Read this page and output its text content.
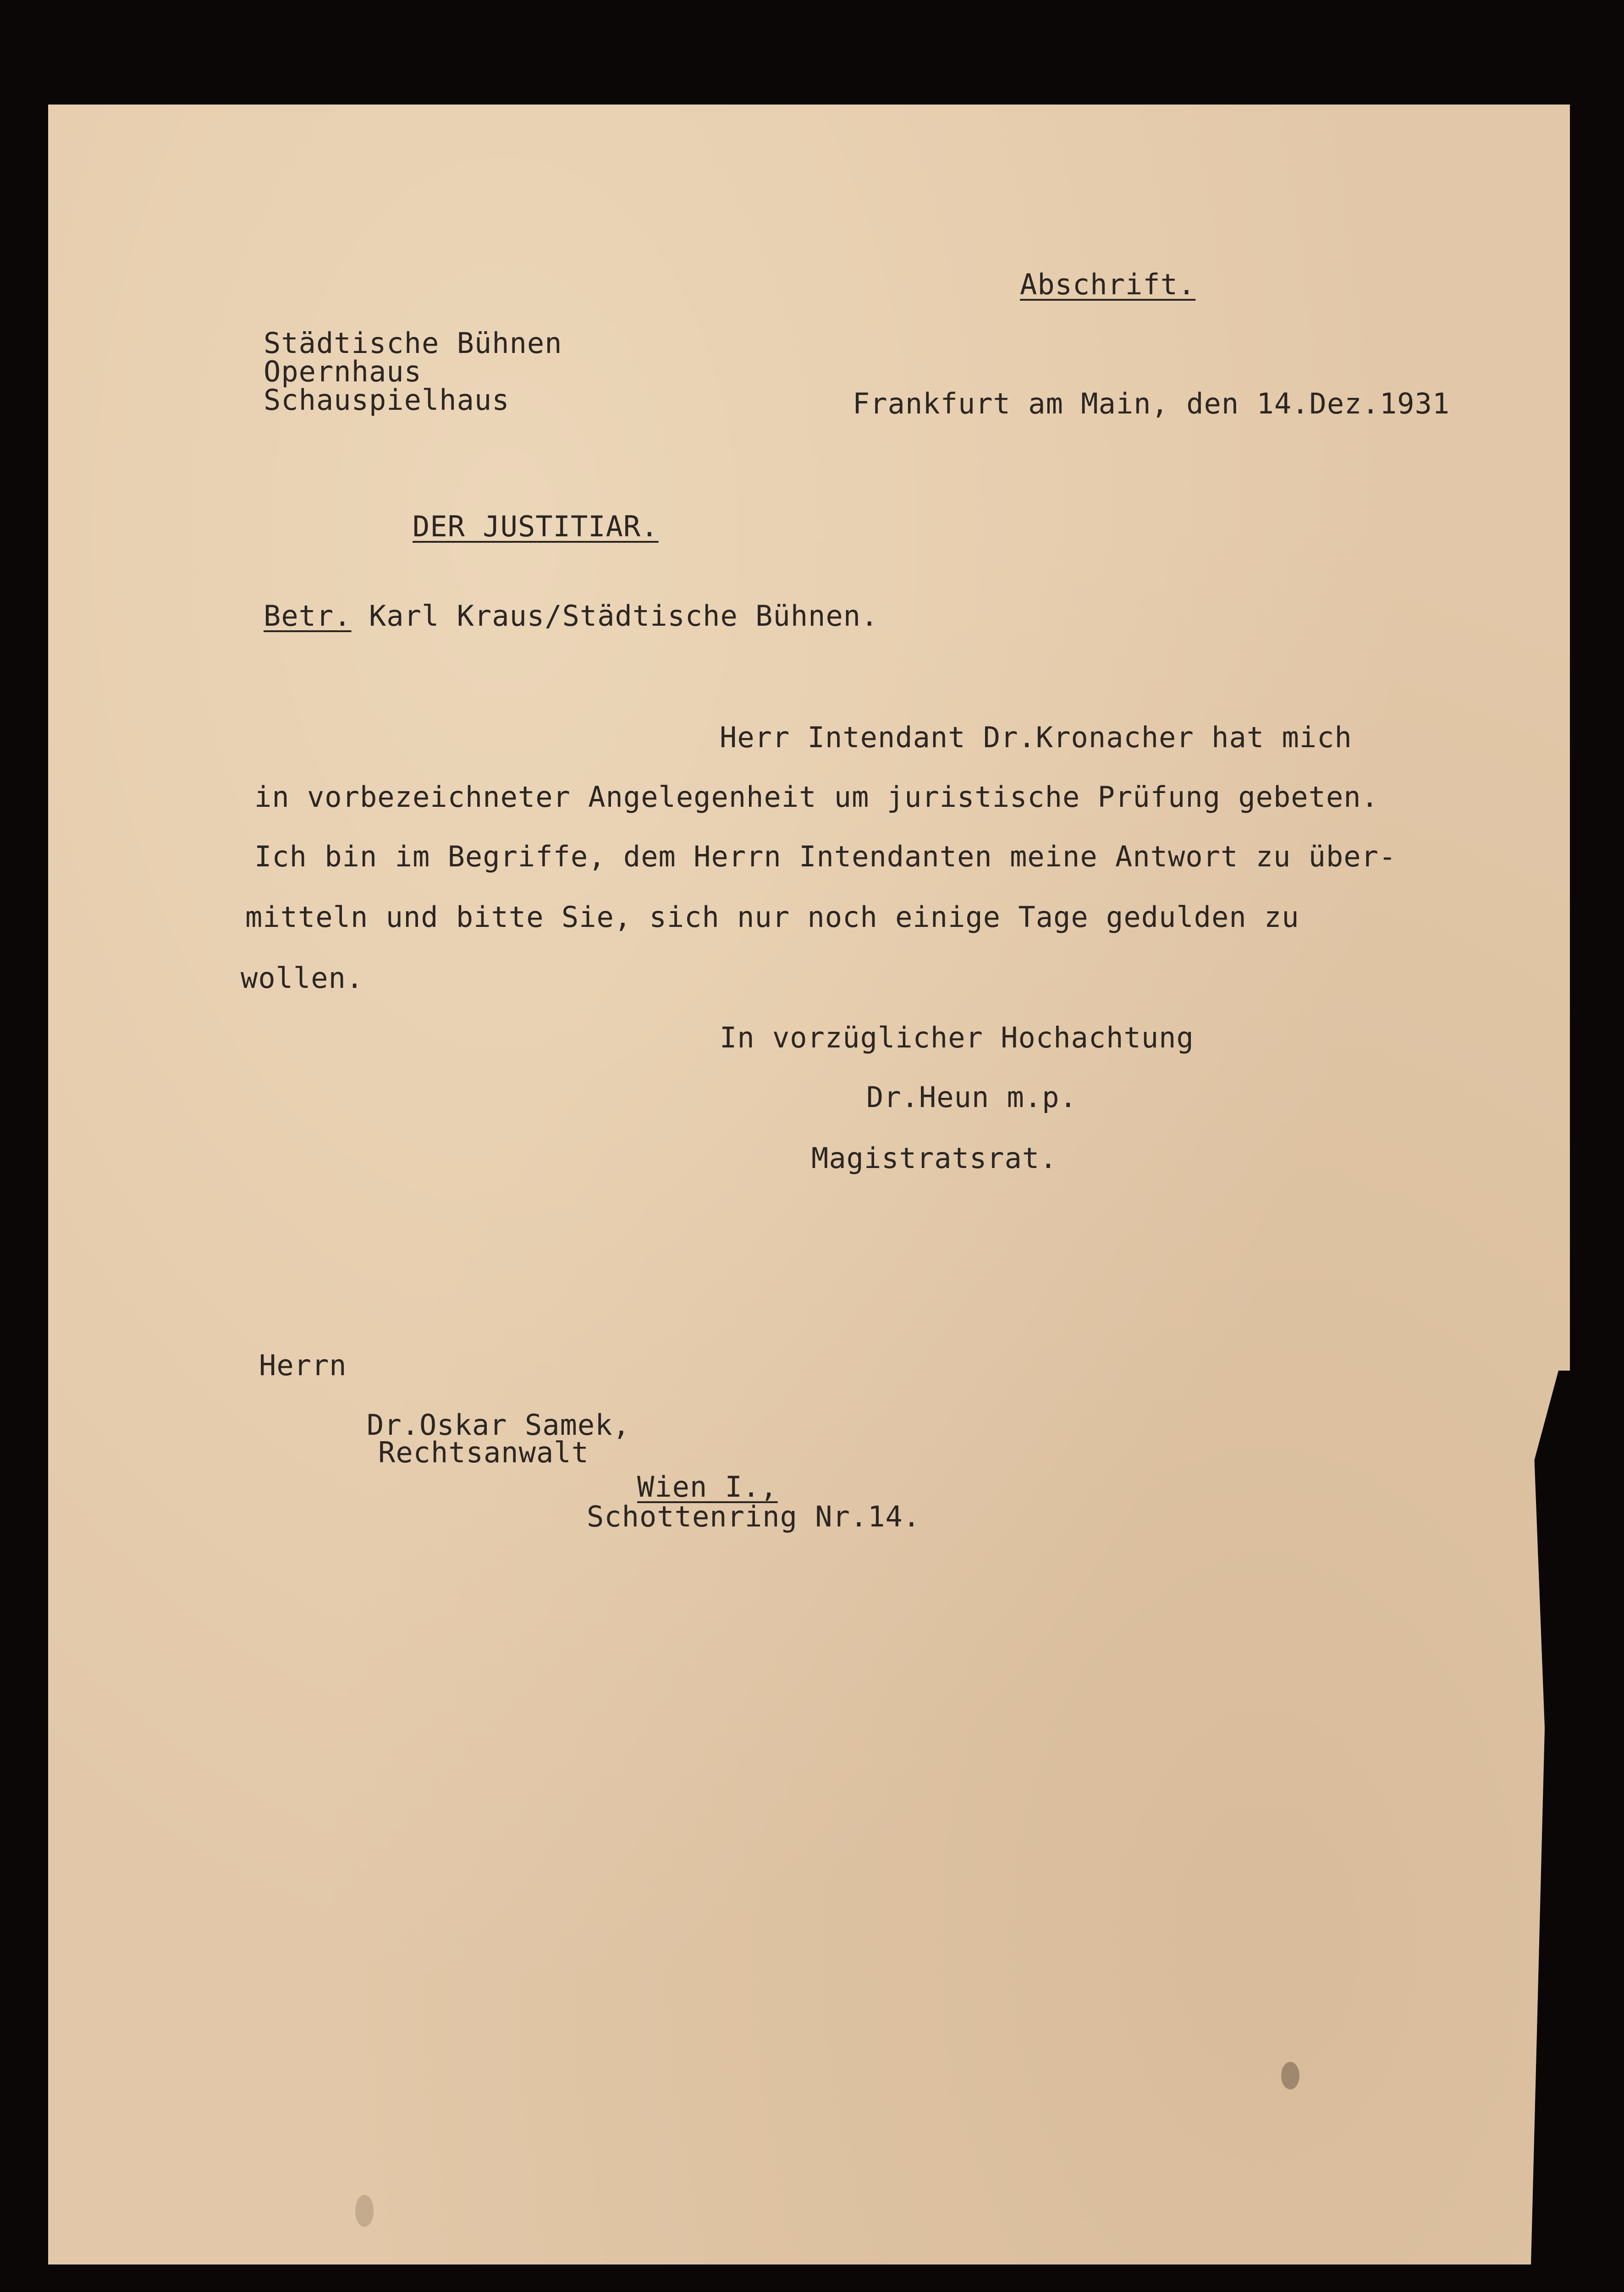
Abschrift.
Städtische Bühnen
Opernhaus
Schauspielhaus	Frankfurt am Main, den 14.Dez.1931
DER JUSTITIAR.
Betr. Karl Kraus/Städtische Bühnen.
Herr Intendant Dr.Kronacher hat mich
in vorbezeichneter Angelegenheit um juristische Prüfung gebeten.
Ich bin im Begriffe, dem Herrn Intendanten meine Antwort zu über-
mitteln und bitte Sie, sich nur noch einige Tage gedulden zu
wollen.
In vorzüglicher Hochachtung
Dr.Heun m.p.
Magistratsrat.
Herrn
Dr.Oskar Samek,
Rechtsanwalt
Wien I.,
Schottenring Nr.14.
